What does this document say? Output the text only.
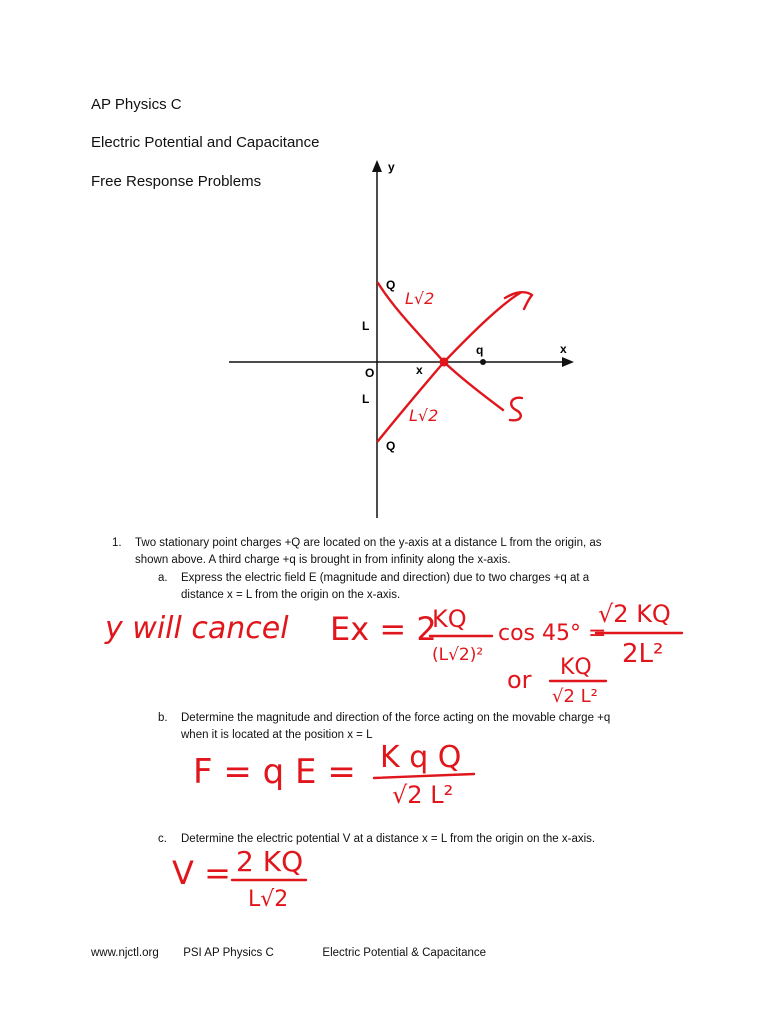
AP Physics C
Electric Potential and Capacitance
Free Response Problems
y
x
Q
Q
L
L
O	x
q
L√2
L√2
1. Two stationary point charges +Q are located on the y-axis at a distance L from the origin, as
shown above. A third charge +q is brought in from infinity along the x-axis.
a. Express the electric field E (magnitude and direction) due to two charges +q at a
distance x = L from the origin on the x-axis.
b. Determine the magnitude and direction of the force acting on the movable charge +q
when it is located at the position x = L
c. Determine the electric potential V at a distance x = L from the origin on the x-axis.
y will cancel Ex = 2
KQ
(L√2)²
cos 45° =
√2 KQ
2L²
or KQ
√2 L²
F = q E = K q Q
√2 L²
V = 2 KQ
L√2
www.njctl.org PSI AP Physics C	Electric Potential & Capacitance
